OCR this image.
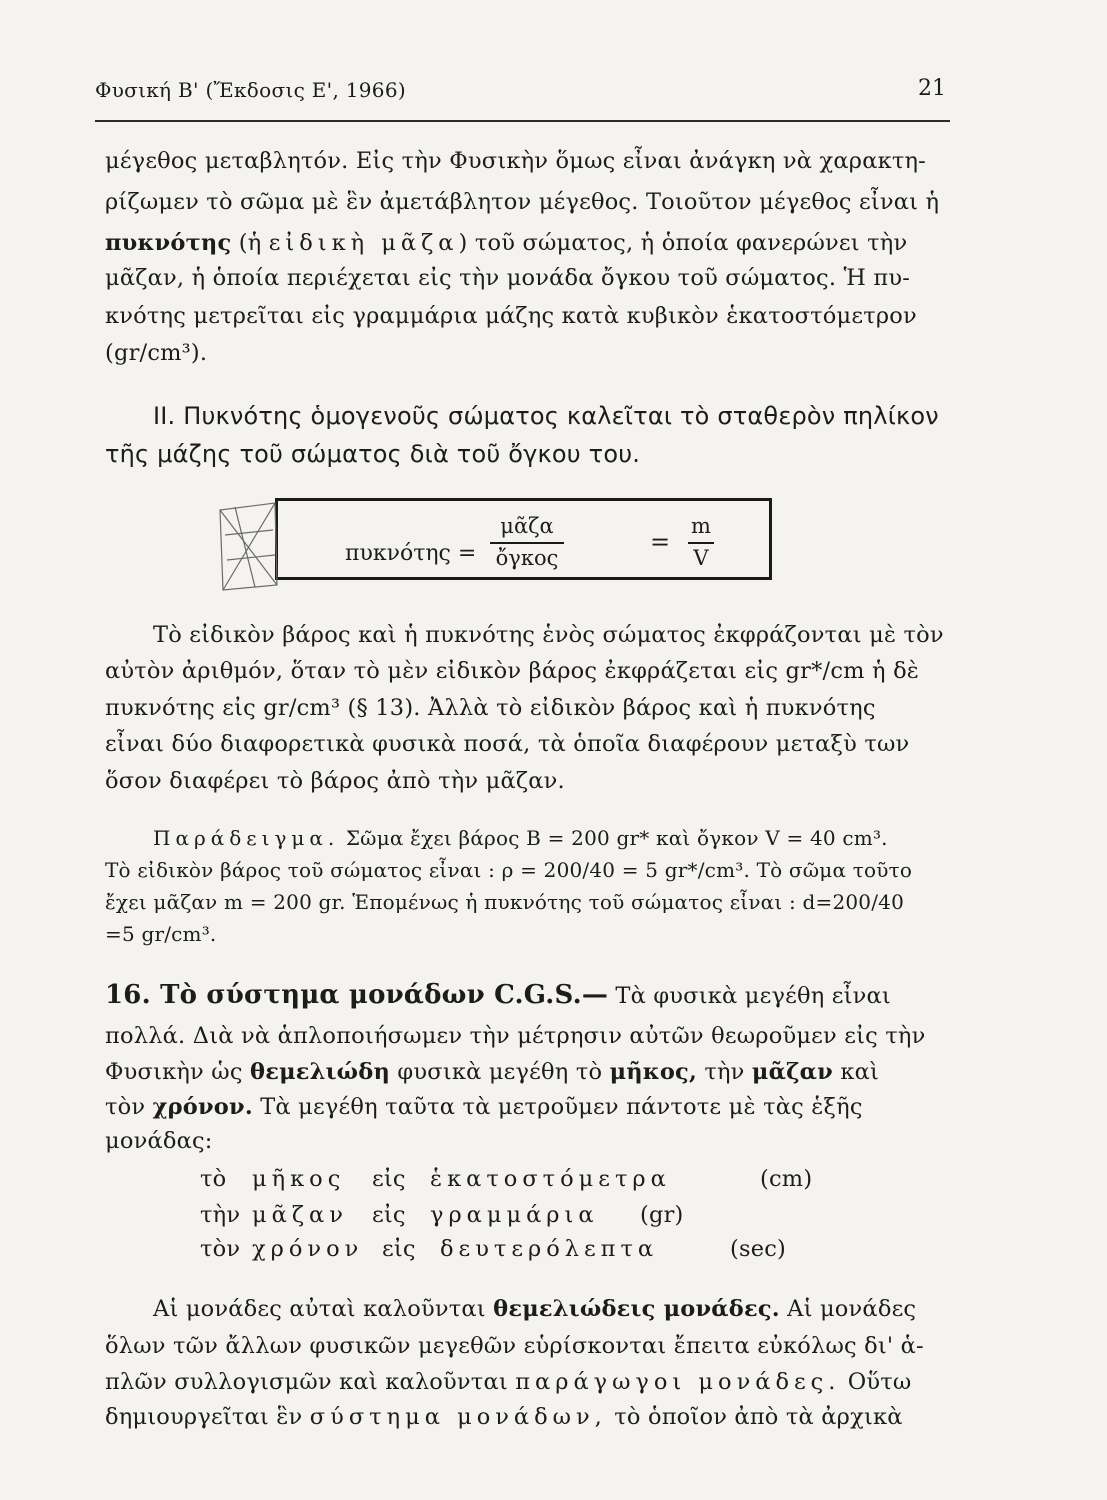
Φυσική Β' (Ἔκδοσις Ε', 1966)	21
μέγεθος μεταβλητόν. Εἰς τὴν Φυσικὴν ὅμως εἶναι ἀνάγκη νὰ χαρακτη-
ρίζωμεν τὸ σῶμα μὲ ἓν ἀμετάβλητον μέγεθος. Τοιοῦτον μέγεθος εἶναι ἡ
πυκνότης (ἡ εἰδικὴ μᾶζα) τοῦ σώματος, ἡ ὁποία φανερώνει τὴν
μᾶζαν, ἡ ὁποία περιέχεται εἰς τὴν μονάδα ὄγκου τοῦ σώματος. Ἡ πυ-
κνότης μετρεῖται εἰς γραμμάρια μάζης κατὰ κυβικὸν ἑκατοστόμετρον
(gr/cm³).
II. Πυκνότης ὁμογενοῦς σώματος καλεῖται τὸ σταθερὸν πηλίκον
τῆς μάζης τοῦ σώματος διὰ τοῦ ὄγκου του.
πυκνότης =
μᾶζα
ὄγκος
=
m
V
Τὸ εἰδικὸν βάρος καὶ ἡ πυκνότης ἑνὸς σώματος ἐκφράζονται μὲ τὸν
αὐτὸν ἀριθμόν, ὅταν τὸ μὲν εἰδικὸν βάρος ἐκφράζεται εἰς gr*/cm ἡ δὲ
πυκνότης εἰς gr/cm³ (§ 13). Ἀλλὰ τὸ εἰδικὸν βάρος καὶ ἡ πυκνότης
εἶναι δύο διαφορετικὰ φυσικὰ ποσά, τὰ ὁποῖα διαφέρουν μεταξὺ των
ὅσον διαφέρει τὸ βάρος ἀπὸ τὴν μᾶζαν.
Παράδειγμα. Σῶμα ἔχει βάρος Β = 200 gr* καὶ ὄγκον V = 40 cm³.
Τὸ εἰδικὸν βάρος τοῦ σώματος εἶναι : ρ = 200/40 = 5 gr*/cm³. Τὸ σῶμα τοῦτο
ἔχει μᾶζαν m = 200 gr. Ἑπομένως ἡ πυκνότης τοῦ σώματος εἶναι : d=200/40
=5 gr/cm³.
16. Τὸ σύστημα μονάδων C.G.S.— Τὰ φυσικὰ μεγέθη εἶναι
πολλά. Διὰ νὰ ἁπλοποιήσωμεν τὴν μέτρησιν αὐτῶν θεωροῦμεν εἰς τὴν
Φυσικὴν ὡς θεμελιώδη φυσικὰ μεγέθη τὸ μῆκος, τὴν μᾶζαν καὶ
τὸν χρόνον. Τὰ μεγέθη ταῦτα τὰ μετροῦμεν πάντοτε μὲ τὰς ἑξῆς
μονάδας:
τὸ μῆκος εἰς ἑκατοστόμετρα	(cm)
τὴν μᾶζαν εἰς γραμμάρια (gr)
τὸν χρόνον εἰς δευτερόλεπτα	(sec)
Αἱ μονάδες αὐταὶ καλοῦνται θεμελιώδεις μονάδες. Αἱ μονάδες
ὅλων τῶν ἄλλων φυσικῶν μεγεθῶν εὑρίσκονται ἔπειτα εὐκόλως δι' ἁ-
πλῶν συλλογισμῶν καὶ καλοῦνται παράγωγοι μονάδες. Οὕτω
δημιουργεῖται ἓν σύστημα μονάδων, τὸ ὁποῖον ἀπὸ τὰ ἀρχικὰ
